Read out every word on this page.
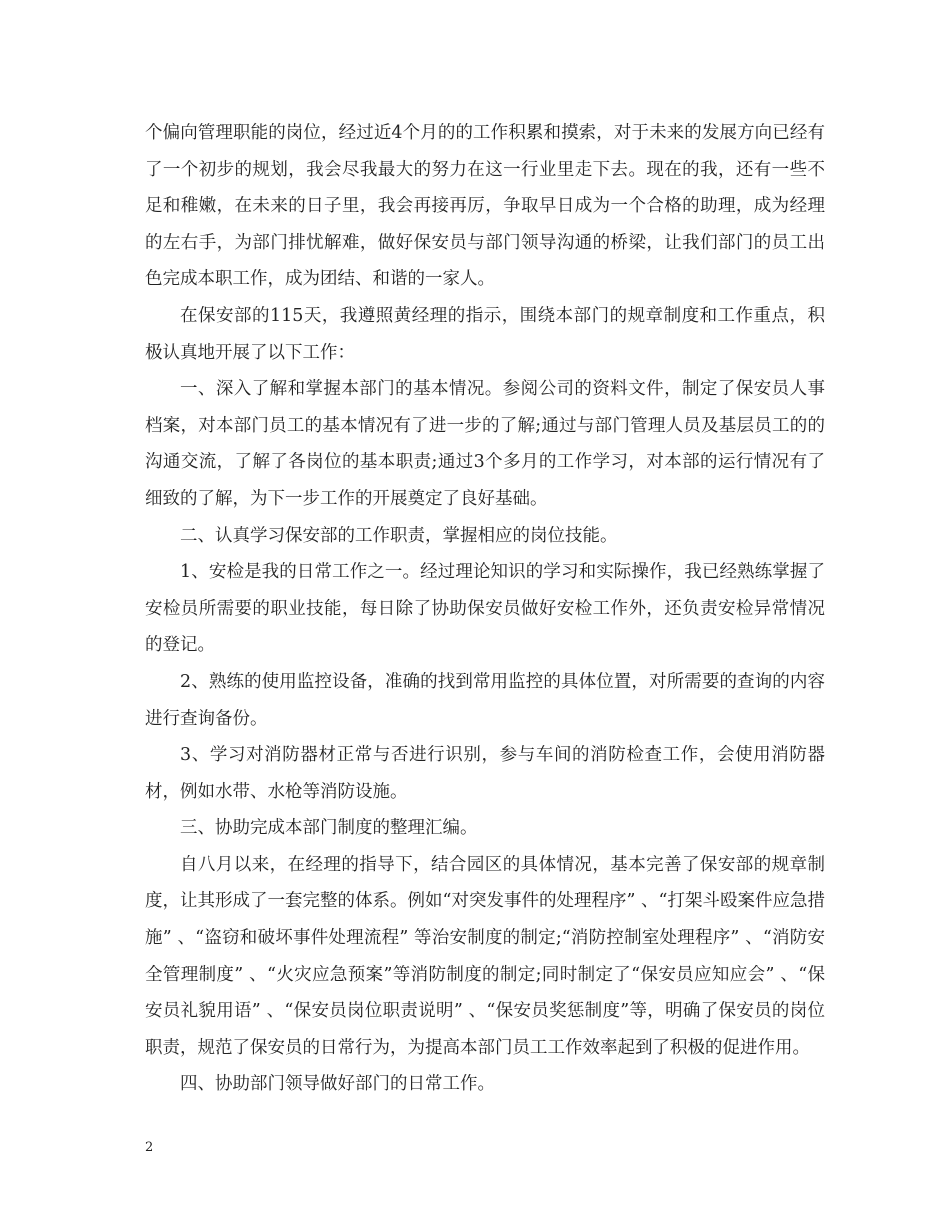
个偏向管理职能的岗位，经过近4个月的的工作积累和摸索，对于未来的发展方向已经有了一个初步的规划，我会尽我最大的努力在这一行业里走下去。现在的我，还有一些不足和稚嫩，在未来的日子里，我会再接再厉，争取早日成为一个合格的助理，成为经理的左右手，为部门排忧解难，做好保安员与部门领导沟通的桥梁，让我们部门的员工出色完成本职工作，成为团结、和谐的一家人。

在保安部的115天，我遵照黄经理的指示，围绕本部门的规章制度和工作重点，积极认真地开展了以下工作：

一、深入了解和掌握本部门的基本情况。参阅公司的资料文件，制定了保安员人事档案，对本部门员工的基本情况有了进一步的了解;通过与部门管理人员及基层员工的的沟通交流，了解了各岗位的基本职责;通过3个多月的工作学习，对本部的运行情况有了细致的了解，为下一步工作的开展奠定了良好基础。

二、认真学习保安部的工作职责，掌握相应的岗位技能。

1、安检是我的日常工作之一。经过理论知识的学习和实际操作，我已经熟练掌握了安检员所需要的职业技能，每日除了协助保安员做好安检工作外，还负责安检异常情况的登记。

2、熟练的使用监控设备，准确的找到常用监控的具体位置，对所需要的查询的内容进行查询备份。

3、学习对消防器材正常与否进行识别，参与车间的消防检查工作，会使用消防器材，例如水带、水枪等消防设施。

三、协助完成本部门制度的整理汇编。

自八月以来，在经理的指导下，结合园区的具体情况，基本完善了保安部的规章制度，让其形成了一套完整的体系。例如“对突发事件的处理程序” 、“打架斗殴案件应急措施” 、“盗窃和破坏事件处理流程” 等治安制度的制定;“消防控制室处理程序” 、“消防安全管理制度” 、“火灾应急预案”等消防制度的制定;同时制定了“保安员应知应会” 、“保安员礼貌用语” 、“保安员岗位职责说明” 、“保安员奖惩制度”等，明确了保安员的岗位职责，规范了保安员的日常行为，为提高本部门员工工作效率起到了积极的促进作用。

四、协助部门领导做好部门的日常工作。

2
